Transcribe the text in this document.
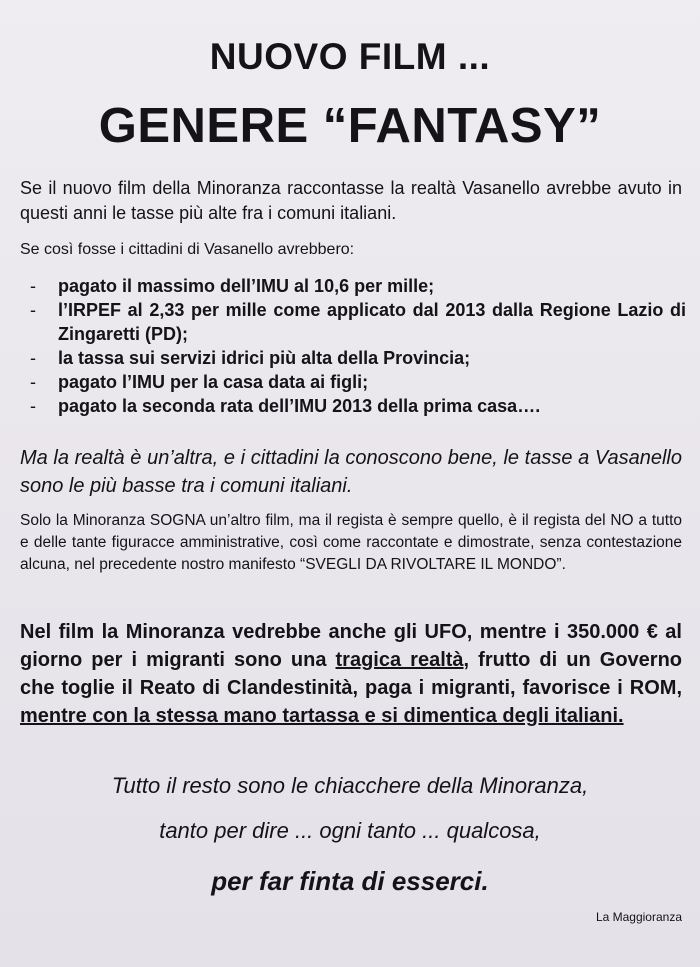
NUOVO FILM ...
GENERE “FANTASY”

Se il nuovo film della Minoranza raccontasse la realtà Vasanello avrebbe avuto in questi anni le tasse più alte fra i comuni italiani.

Se così fosse i cittadini di Vasanello avrebbero:

- pagato il massimo dell’IMU al 10,6 per mille;
- l’IRPEF al 2,33 per mille come applicato dal 2013 dalla Regione Lazio di Zingaretti (PD);
- la tassa sui servizi idrici più alta della Provincia;
- pagato l’IMU per la casa data ai figli;
- pagato la seconda rata dell’IMU 2013 della prima casa….

Ma la realtà è un’altra, e i cittadini la conoscono bene, le tasse a Vasanello sono le più basse tra i comuni italiani.

Solo la Minoranza SOGNA un’altro film, ma il regista è sempre quello, è il regista del NO a tutto e delle tante figuracce amministrative, così come raccontate e dimostrate, senza contestazione alcuna, nel precedente nostro manifesto “SVEGLI DA RIVOLTARE IL MONDO”.

Nel film la Minoranza vedrebbe anche gli UFO, mentre i 350.000 € al giorno per i migranti sono una tragica realtà, frutto di un Governo che toglie il Reato di Clandestinità, paga i migranti, favorisce i ROM, mentre con la stessa mano tartassa e si dimentica degli italiani.

Tutto il resto sono le chiacchere della Minoranza,
tanto per dire ... ogni tanto ... qualcosa,
per far finta di esserci.
La Maggioranza
